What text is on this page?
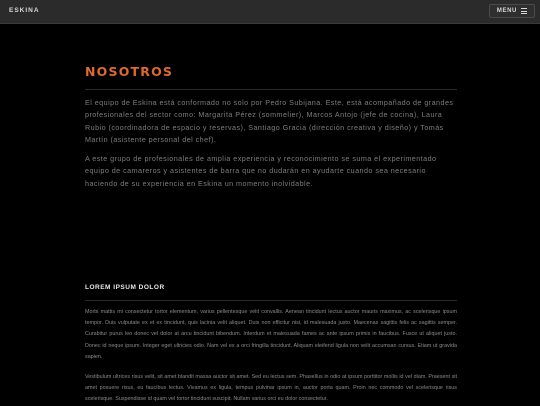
ESKINA	MENU
NOSOTROS

El equipo de Eskina está conformado no solo por Pedro Subijana. Este, está acompañado de grandes profesionales del sector como: Margarita Pérez (sommelier), Marcos Antojo (jefe de cocina), Laura Rubio (coordinadora de espacio y reservas), Santiago Gracia (dirección creativa y diseño) y Tomás Martín (asistente personal del chef).

A este grupo de profesionales de amplia experiencia y reconocimiento se suma el experimentado equipo de camareros y asistentes de barra que no dudarán en ayudarte cuando sea necesario haciendo de su experiencia en Eskina un momento inolvidable.

LOREM IPSUM DOLOR

Morbi mattis mi consectetur tortor elementum, varius pellentesque velit convallis. Aenean tincidunt lectus auctor mauris maximus, ac scelerisque ipsum tempor. Duis vulputate ex et ex tincidunt, quis lacinia velit aliquet. Duis non efficitur nisi, id malesuada justo. Maecenas sagittis felis ac sagittis semper. Curabitur purus leo donec vel dolor at arcu tincidunt bibendum. Interdum et malesuada fames ac ante ipsum primis in faucibus. Fusce ut aliquet justo. Donec id neque ipsum. Integer eget ultricies odio. Nam vel ex a orci fringilla tincidunt. Aliquam eleifend ligula non velit accumsan cursus. Etiam ut gravida sapien.

Vestibulum ultrices risus velit, sit amet blandit massa auctor sit amet. Sed eu lectus sem. Phasellus in odio at ipsum porttitor mollis id vel diam. Praesent sit amet posuere risus, eu faucibus lectus. Vivamus ex ligula, tempus pulvinar ipsum in, auctor porta quam. Proin nec commodo vel scelerisque risus scelerisque. Suspendisse id quam vel tortor tincidunt suscipit. Nullam varius orci eu dolor consectetur.
